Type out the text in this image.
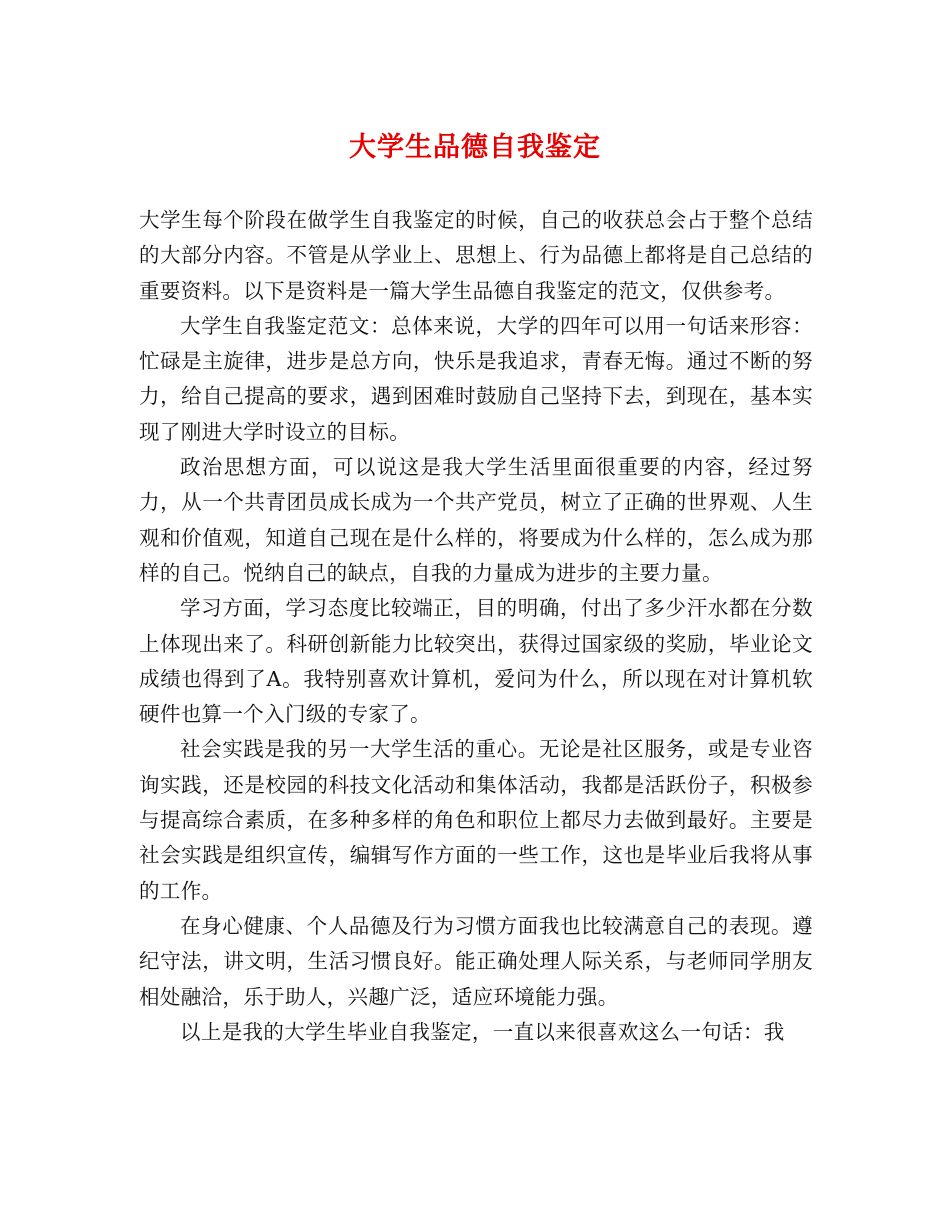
大学生品德自我鉴定

大学生每个阶段在做学生自我鉴定的时候，自己的收获总会占于整个总结的大部分内容。不管是从学业上、思想上、行为品德上都将是自己总结的重要资料。以下是资料是一篇大学生品德自我鉴定的范文，仅供参考。

大学生自我鉴定范文：总体来说，大学的四年可以用一句话来形容：忙碌是主旋律，进步是总方向，快乐是我追求，青春无悔。通过不断的努力，给自己提高的要求，遇到困难时鼓励自己坚持下去，到现在，基本实现了刚进大学时设立的目标。

政治思想方面，可以说这是我大学生活里面很重要的内容，经过努力，从一个共青团员成长成为一个共产党员，树立了正确的世界观、人生观和价值观，知道自己现在是什么样的，将要成为什么样的，怎么成为那样的自己。悦纳自己的缺点，自我的力量成为进步的主要力量。

学习方面，学习态度比较端正，目的明确，付出了多少汗水都在分数上体现出来了。科研创新能力比较突出，获得过国家级的奖励，毕业论文成绩也得到了A。我特别喜欢计算机，爱问为什么，所以现在对计算机软硬件也算一个入门级的专家了。

社会实践是我的另一大学生活的重心。无论是社区服务，或是专业咨询实践，还是校园的科技文化活动和集体活动，我都是活跃份子，积极参与提高综合素质，在多种多样的角色和职位上都尽力去做到最好。主要是社会实践是组织宣传，编辑写作方面的一些工作，这也是毕业后我将从事的工作。

在身心健康、个人品德及行为习惯方面我也比较满意自己的表现。遵纪守法，讲文明，生活习惯良好。能正确处理人际关系，与老师同学朋友相处融洽，乐于助人，兴趣广泛，适应环境能力强。

以上是我的大学生毕业自我鉴定，一直以来很喜欢这么一句话：我
